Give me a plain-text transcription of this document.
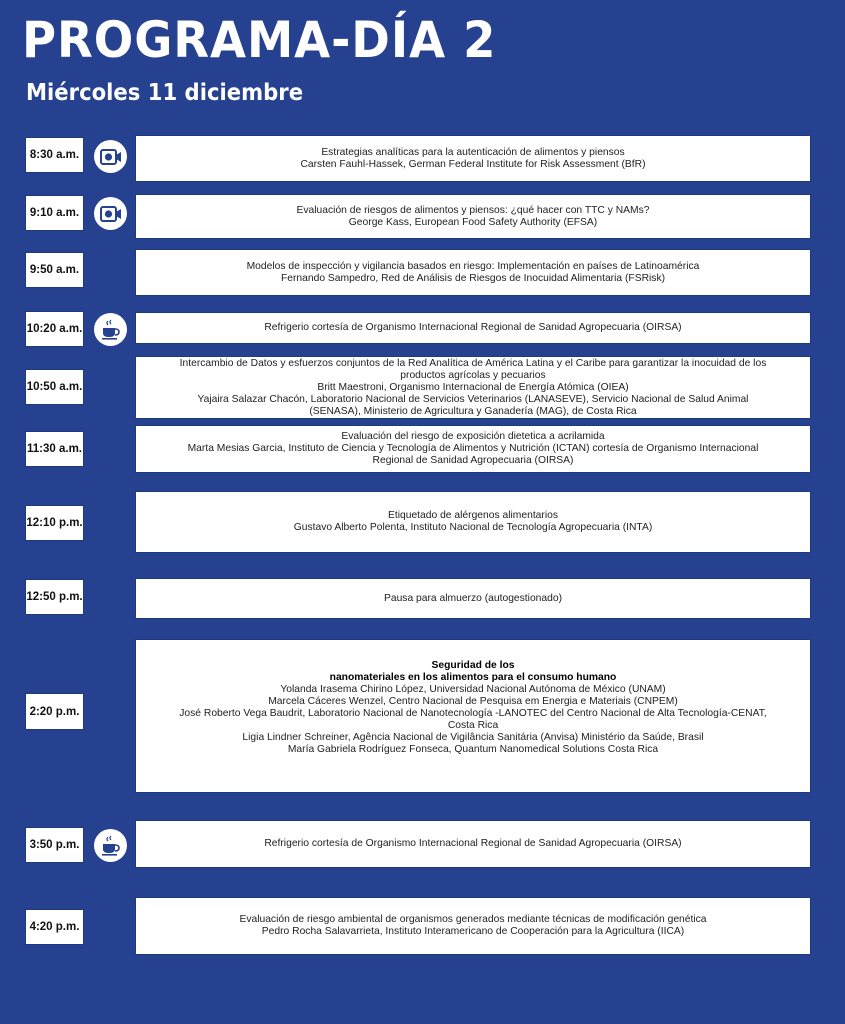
PROGRAMA-DÍA 2
Miércoles 11 diciembre
8:30 a.m.	Estrategias analíticas para la autenticación de alimentos y piensos
Carsten Fauhl-Hassek, German Federal Institute for Risk Assessment (BfR)
9:10 a.m.	Evaluación de riesgos de alimentos y piensos: ¿qué hacer con TTC y NAMs?
George Kass, European Food Safety Authority (EFSA)
9:50 a.m.	Modelos de inspección y vigilancia basados en riesgo: Implementación en países de Latinoamérica
Fernando Sampedro, Red de Análisis de Riesgos de Inocuidad Alimentaria (FSRisk)
10:20 a.m.	Refrigerio cortesía de Organismo Internacional Regional de Sanidad Agropecuaria (OIRSA)
10:50 a.m.
Intercambio de Datos y esfuerzos conjuntos de la Red Analítica de América Latina y el Caribe para garantizar la inocuidad de los productos agrícolas y pecuarios
Britt Maestroni, Organismo Internacional de Energía Atómica (OIEA)
Yajaira Salazar Chacón, Laboratorio Nacional de Servicios Veterinarios (LANASEVE), Servicio Nacional de Salud Animal (SENASA), Ministerio de Agricultura y Ganadería (MAG), de Costa Rica
11:30 a.m.
Evaluación del riesgo de exposición dietetica a acrilamida
Marta Mesias Garcia, Instituto de Ciencia y Tecnología de Alimentos y Nutrición (ICTAN) cortesía de Organismo Internacional Regional de Sanidad Agropecuaria (OIRSA)
12:10 p.m.
Etiquetado de alérgenos alimentarios
Gustavo Alberto Polenta, Instituto Nacional de Tecnología Agropecuaria (INTA)
12:50 p.m.	Pausa para almuerzo (autogestionado)
2:20 p.m.
Seguridad de los
nanomateriales en los alimentos para el consumo humano
Yolanda Irasema Chirino López, Universidad Nacional Autónoma de México (UNAM)
Marcela Cáceres Wenzel, Centro Nacional de Pesquisa em Energia e Materiais (CNPEM)
José Roberto Vega Baudrit, Laboratorio Nacional de Nanotecnología -LANOTEC del Centro Nacional de Alta Tecnología-CENAT, Costa Rica
Ligia Lindner Schreiner, Agência Nacional de Vigilância Sanitária (Anvisa) Ministério da Saúde, Brasil
María Gabriela Rodríguez Fonseca, Quantum Nanomedical Solutions Costa Rica
3:50 p.m.	Refrigerio cortesía de Organismo Internacional Regional de Sanidad Agropecuaria (OIRSA)
4:20 p.m.
Evaluación de riesgo ambiental de organismos generados mediante técnicas de modificación genética
Pedro Rocha Salavarrieta, Instituto Interamericano de Cooperación para la Agricultura (IICA)
